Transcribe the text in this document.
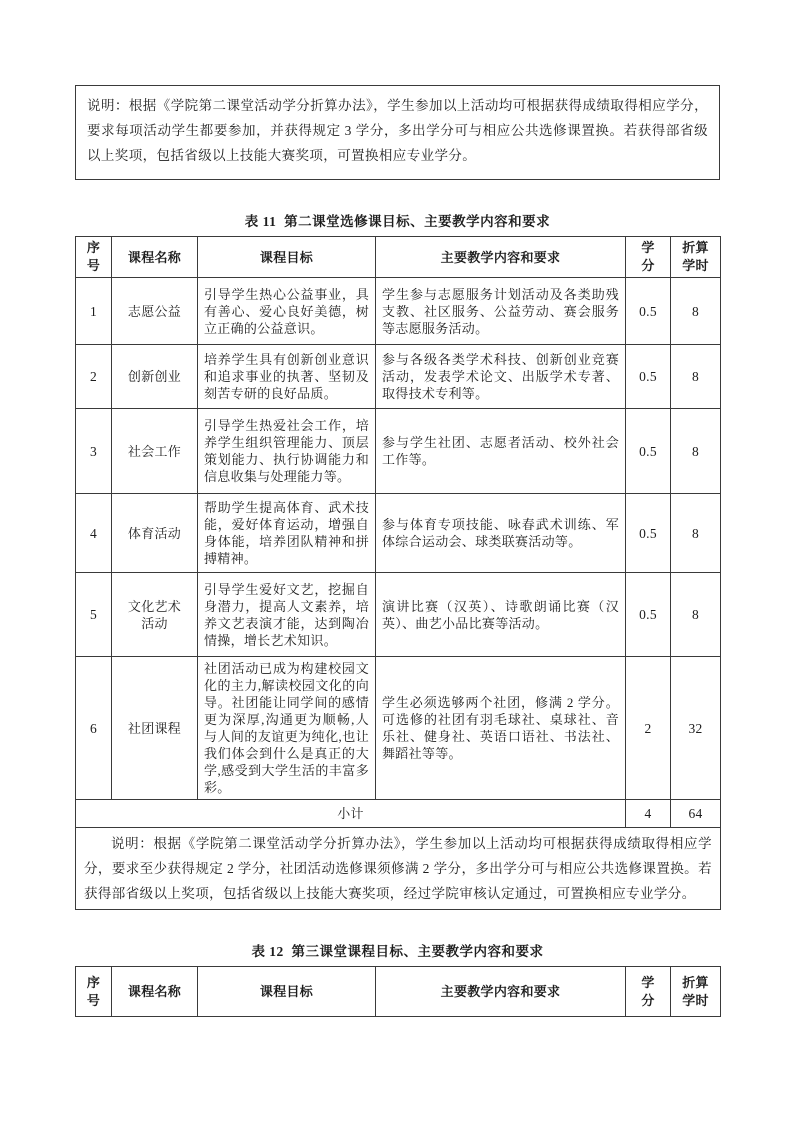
说明：根据《学院第二课堂活动学分折算办法》，学生参加以上活动均可根据获得成绩取得相应学分，要求每项活动学生都要参加，并获得规定 3 学分，多出学分可与相应公共选修课置换。若获得部省级以上奖项，包括省级以上技能大赛奖项，可置换相应专业学分。
表 11  第二课堂选修课目标、主要教学内容和要求
序号	课程名称	课程目标	主要教学内容和要求	学分	折算学时
1	志愿公益	引导学生热心公益事业，具有善心、爱心良好美德，树立正确的公益意识。	学生参与志愿服务计划活动及各类助残支教、社区服务、公益劳动、赛会服务等志愿服务活动。	0.5	8
2	创新创业	培养学生具有创新创业意识和追求事业的执著、坚韧及刻苦专研的良好品质。	参与各级各类学术科技、创新创业竞赛活动，发表学术论文、出版学术专著、取得技术专利等。	0.5	8
3	社会工作	引导学生热爱社会工作，培养学生组织管理能力、顶层策划能力、执行协调能力和信息收集与处理能力等。	参与学生社团、志愿者活动、校外社会工作等。	0.5	8
4	体育活动	帮助学生提高体育、武术技能，爱好体育运动，增强自身体能，培养团队精神和拼搏精神。	参与体育专项技能、咏春武术训练、军体综合运动会、球类联赛活动等。	0.5	8
5	文化艺术活动	引导学生爱好文艺，挖掘自身潜力，提高人文素养，培养文艺表演才能，达到陶冶情操，增长艺术知识。	演讲比赛（汉英）、诗歌朗诵比赛（汉英）、曲艺小品比赛等活动。	0.5	8
6	社团课程	社团活动已成为构建校园文化的主力,解读校园文化的向导。社团能让同学间的感情更为深厚,沟通更为顺畅,人与人间的友谊更为纯化,也让我们体会到什么是真正的大学,感受到大学生活的丰富多彩。	学生必须选够两个社团，修满 2 学分。可选修的社团有羽毛球社、桌球社、音乐社、健身社、英语口语社、书法社、舞蹈社等等。	2	32
小计				4	64
说明：根据《学院第二课堂活动学分折算办法》，学生参加以上活动均可根据获得成绩取得相应学分，要求至少获得规定 2 学分，社团活动选修课须修满 2 学分，多出学分可与相应公共选修课置换。若获得部省级以上奖项，包括省级以上技能大赛奖项，经过学院审核认定通过，可置换相应专业学分。					
表 12  第三课堂课程目标、主要教学内容和要求
序号	课程名称	课程目标	主要教学内容和要求	学分	折算学时
